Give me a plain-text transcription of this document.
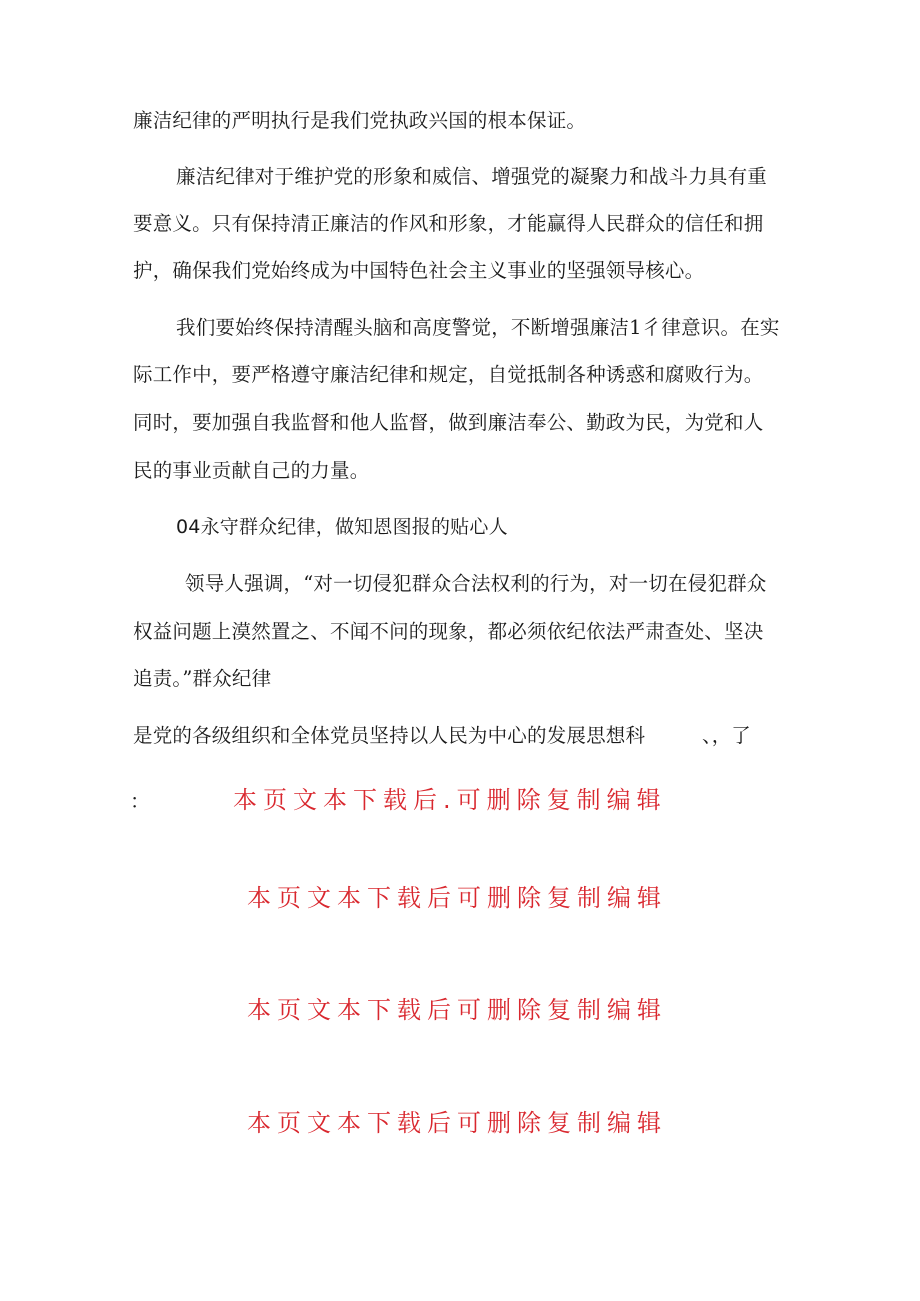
廉洁纪律的严明执行是我们党执政兴国的根本保证。
廉洁纪律对于维护党的形象和威信、增强党的凝聚力和战斗力具有重
要意义。只有保持清正廉洁的作风和形象，才能赢得人民群众的信任和拥
护，确保我们党始终成为中国特色社会主义事业的坚强领导核心。
我们要始终保持清醒头脑和高度警觉，不断增强廉洁1彳律意识。在实
际工作中，要严格遵守廉洁纪律和规定，自觉抵制各种诱惑和腐败行为。
同时，要加强自我监督和他人监督，做到廉洁奉公、勤政为民，为党和人
民的事业贡献自己的力量。
04永守群众纪律，做知恩图报的贴心人
领导人强调，“对一切侵犯群众合法权利的行为，对一切在侵犯群众
权益问题上漠然置之、不闻不问的现象，都必须依纪依法严肃查处、坚决
追责。”群众纪律
是党的各级组织和全体党员坚持以人民为中心的发展思想科	、，了
：	本页文本下载后.可删除复制编辑
本页文本下载后可删除复制编辑
本页文本下载后可删除复制编辑
本页文本下载后可删除复制编辑
